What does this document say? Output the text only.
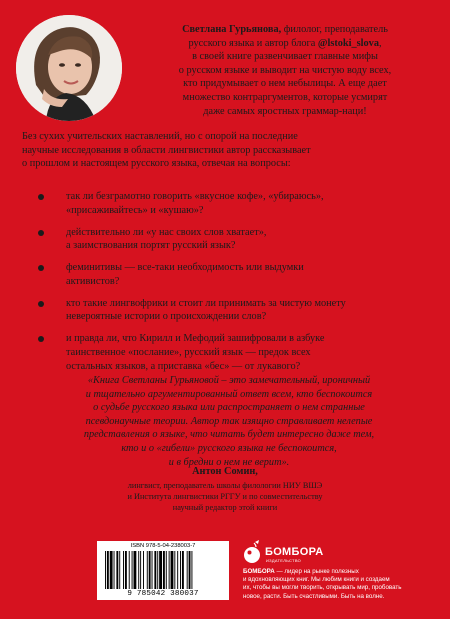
Светлана Гурьянова, филолог, преподаватель
русского языка и автор блога @lstoki_slova,
в своей книге развенчивает главные мифы
о русском языке и выводит на чистую воду всех,
кто придумывает о нем небылицы. А еще дает
множество контраргументов, которые усмирят
даже самых яростных граммар-наци!
Без сухих учительских наставлений, но с опорой на последние
научные исследования в области лингвистики автор рассказывает
о прошлом и настоящем русского языка, отвечая на вопросы:
так ли безграмотно говорить «вкусное кофе», «убираюсь»,
«присаживайтесь» и «кушаю»?
действительно ли «у нас своих слов хватает»,
а заимствования портят русский язык?
феминитивы — все-таки необходимость или выдумки
активистов?
кто такие лингвофрики и стоит ли принимать за чистую монету
невероятные истории о происхождении слов?
и правда ли, что Кирилл и Мефодий зашифровали в азбуке
таинственное «послание», русский язык — предок всех
остальных языков, а приставка «бес» — от лукавого?
«Книга Светланы Гурьяновой – это замечательный, ироничный
и тщательно аргументированный ответ всем, кто беспокоится
о судьбе русского языка или распространяет о нем странные
псевдонаучные теории. Автор так изящно стравливает нелепые
представления о языке, что читать будет интересно даже тем,
кто и о «гибели» русского языка не беспокоится,
и в бредни о нем не верит».
Антон Сомин,
лингвист, преподаватель школы филологии НИУ ВШЭ
и Института лингвистики РГГУ и по совместительству
научный редактор этой книги
ISBN 978-5-04-238003-7
9 785042 380037
БОМБОРА
ИЗДАТЕЛЬСТВО
БОМБОРА — лидер на рынке полезных
и вдохновляющих книг. Мы любим книги и создаем
их, чтобы вы могли творить, открывать мир, пробовать
новое, расти. Быть счастливыми. Быть на волне.
